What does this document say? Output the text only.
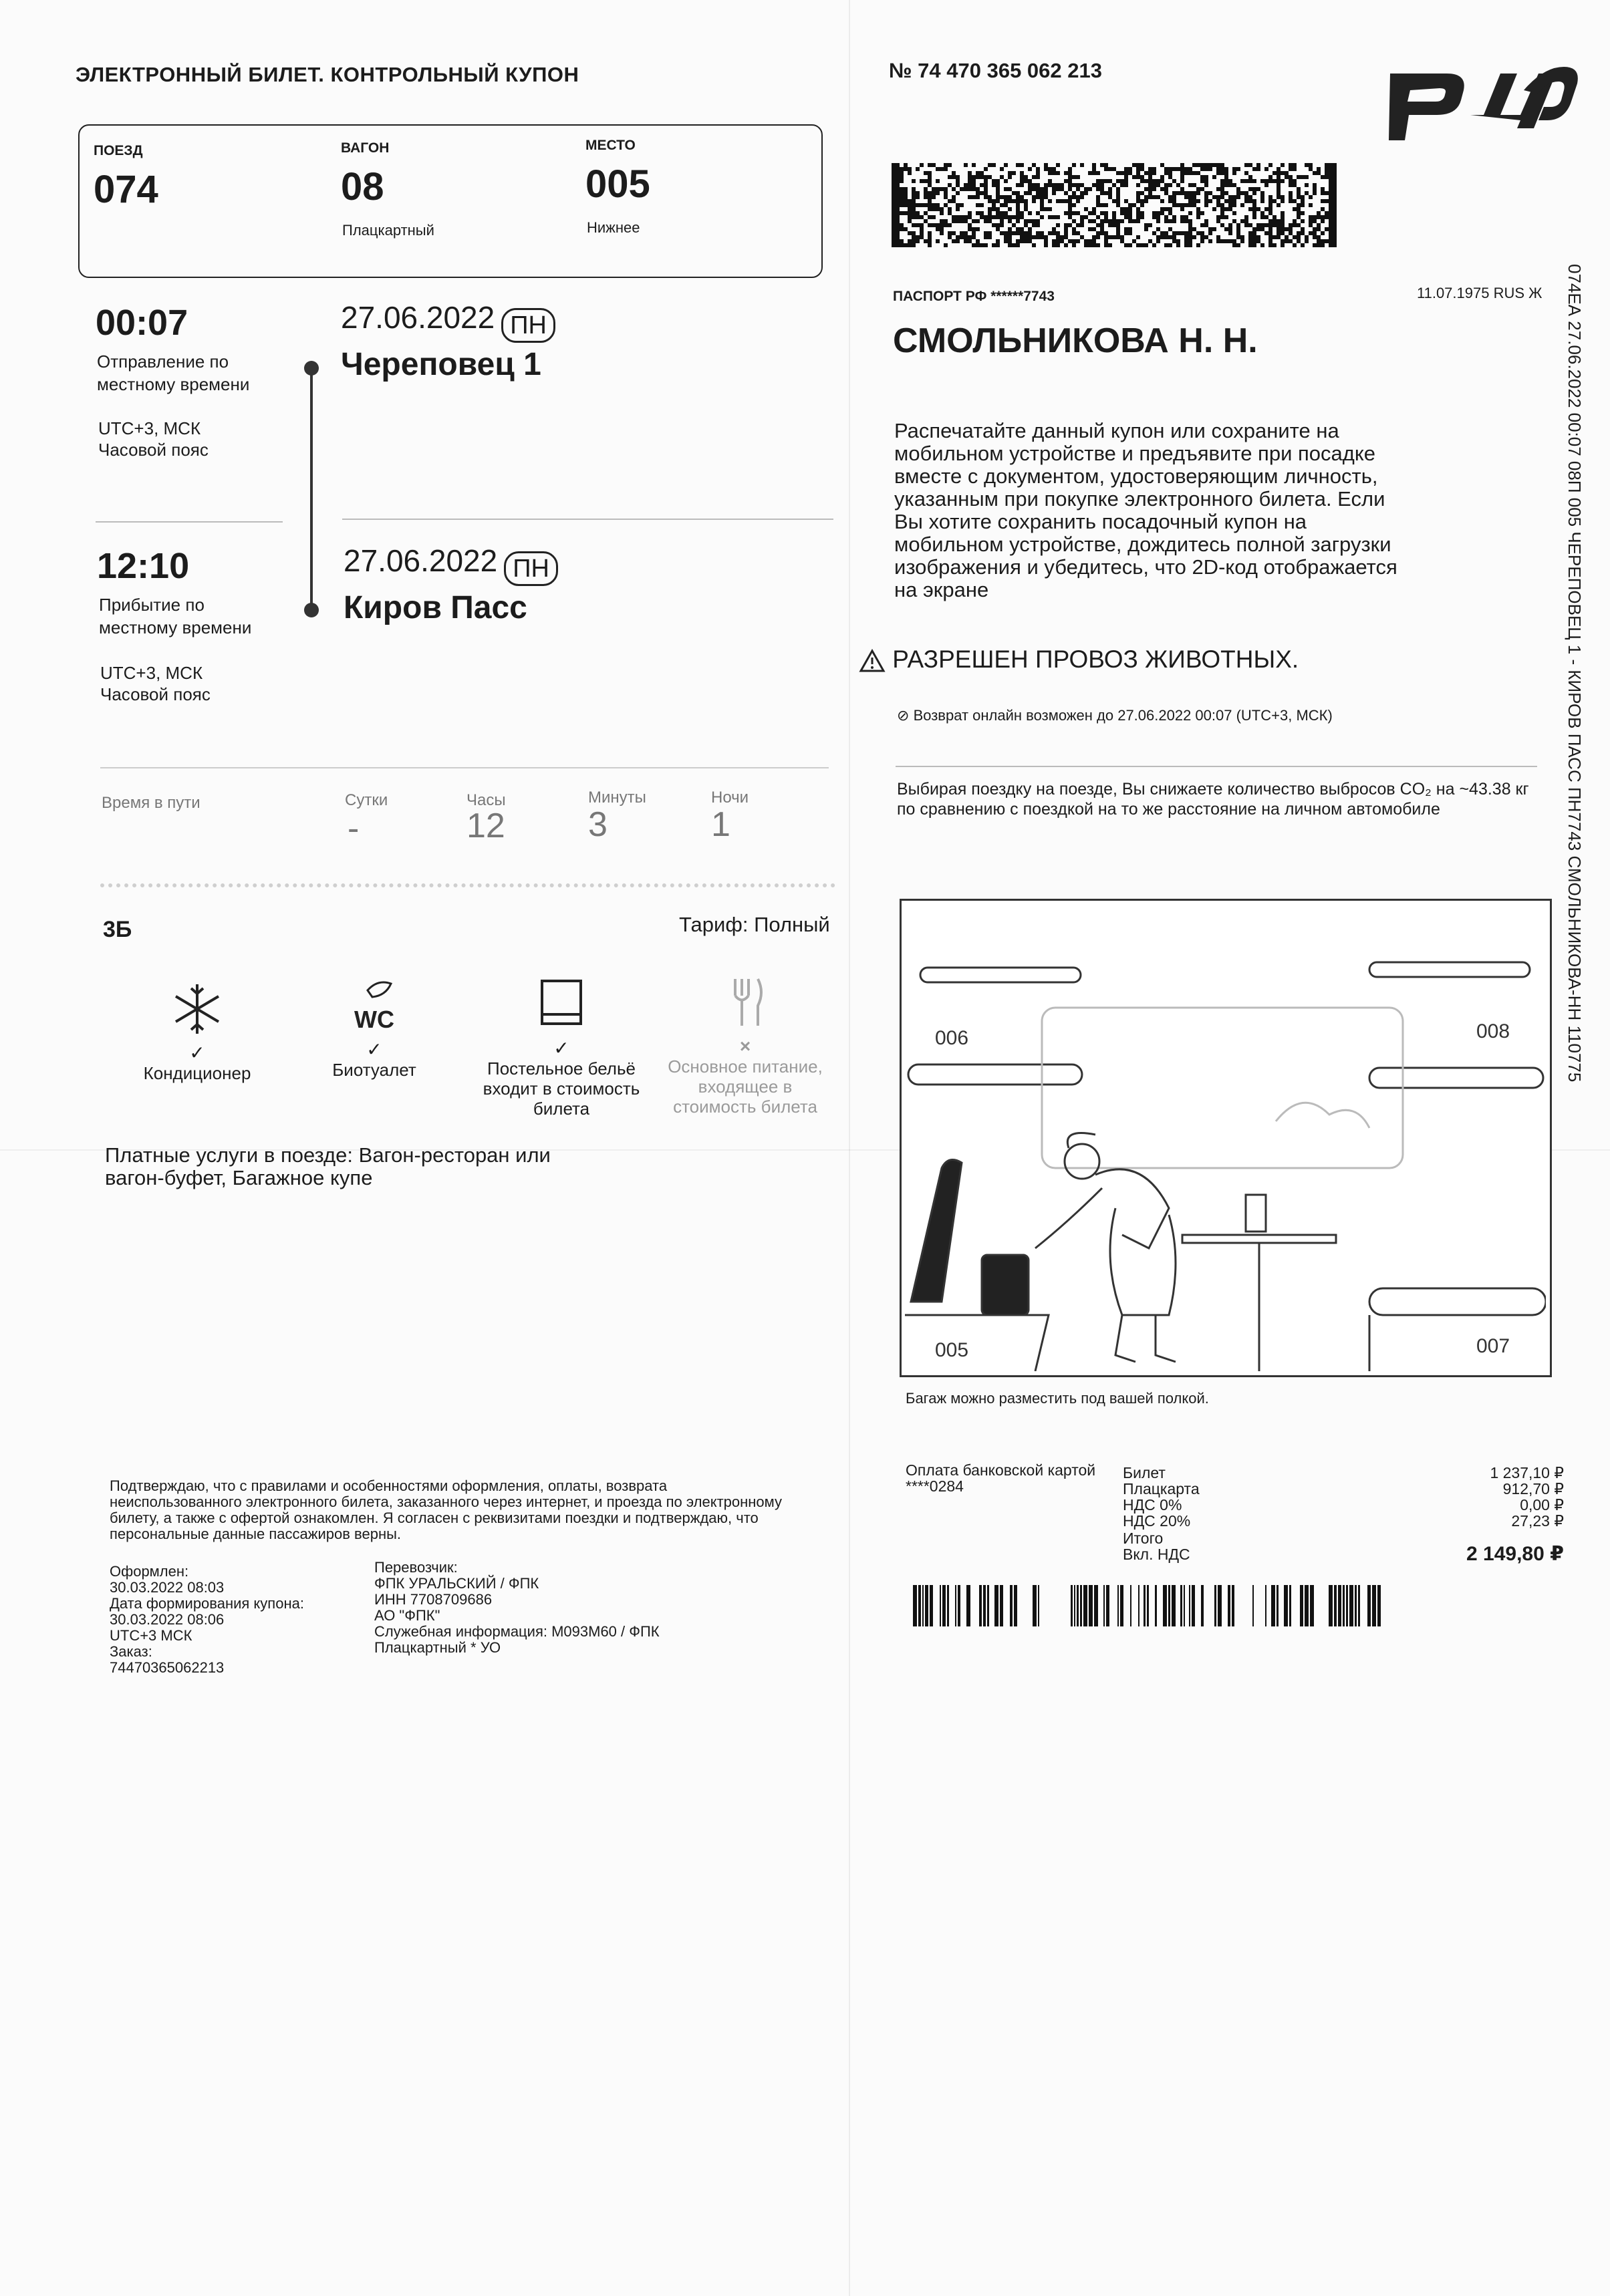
ЭЛЕКТРОННЫЙ БИЛЕТ. КОНТРОЛЬНЫЙ КУПОН	№ 74 470 365 062 213
ПОЕЗД
074
ВАГОН
08
Плацкартный
МЕСТО
005
Нижнее
00:07
Отправление по местному времени
UTC+3, МСК
Часовой пояс
27.06.2022 ПН
Череповец 1
12:10
Прибытие по местному времени
UTC+3, МСК
Часовой пояс
27.06.2022 ПН
Киров Пасс
Время в пути	Сутки
-
Часы
12
Минуты
3
Ночи
1
3Б	Тариф: Полный
✓
Кондиционер
WC
✓
Биотуалет
✓
Постельное бельё входит в стоимость билета
×
Основное питание, входящее в стоимость билета
Платные услуги в поезде: Вагон-ресторан или вагон-буфет, Багажное купе
ПАСПОРТ РФ ******7743	11.07.1975 RUS Ж
СМОЛЬНИКОВА Н. Н.
Распечатайте данный купон или сохраните на мобильном устройстве и предъявите при посадке вместе с документом, удостоверяющим личность, указанным при покупке электронного билета. Если Вы хотите сохранить посадочный купон на мобильном устройстве, дождитесь полной загрузки изображения и убедитесь, что 2D-код отображается на экране
РАЗРЕШЕН ПРОВОЗ ЖИВОТНЫХ.
⊘ Возврат онлайн возможен до 27.06.2022 00:07 (UTC+3, МСК)
Выбирая поездку на поезде, Вы снижаете количество выбросов CO₂ на ~43.38 кг по сравнению с поездкой на то же расстояние на личном автомобиле	074ЕА 27.06.2022 00:07 08П 005 ЧЕРЕПОВЕЦ 1 - КИРОВ ПАСС ПН7743 СМОЛЬНИКОВА-НН 110775
006	008
005	007
Багаж можно разместить под вашей полкой.
Подтверждаю, что с правилами и особенностями оформления, оплаты, возврата неиспользованного электронного билета, заказанного через интернет, и проезда по электронному билету, а также с офертой ознакомлен. Я согласен с реквизитами поездки и подтверждаю, что персональные данные пассажиров верны.
Оформлен:
30.03.2022 08:03
Дата формирования купона:
30.03.2022 08:06
UTC+3 МСК
Заказ:
74470365062213
Перевозчик:
ФПК УРАЛЬСКИЙ / ФПК
ИНН 7708709686
АО "ФПК"
Служебная информация: М093М60 / ФПК
Плацкартный * УО
Оплата банковской картой
****0284
Билет	1 237,10 ₽
Плацкарта	912,70 ₽
НДС 0%	0,00 ₽
НДС 20%	27,23 ₽
Итого
Вкл. НДС	2 149,80 ₽
